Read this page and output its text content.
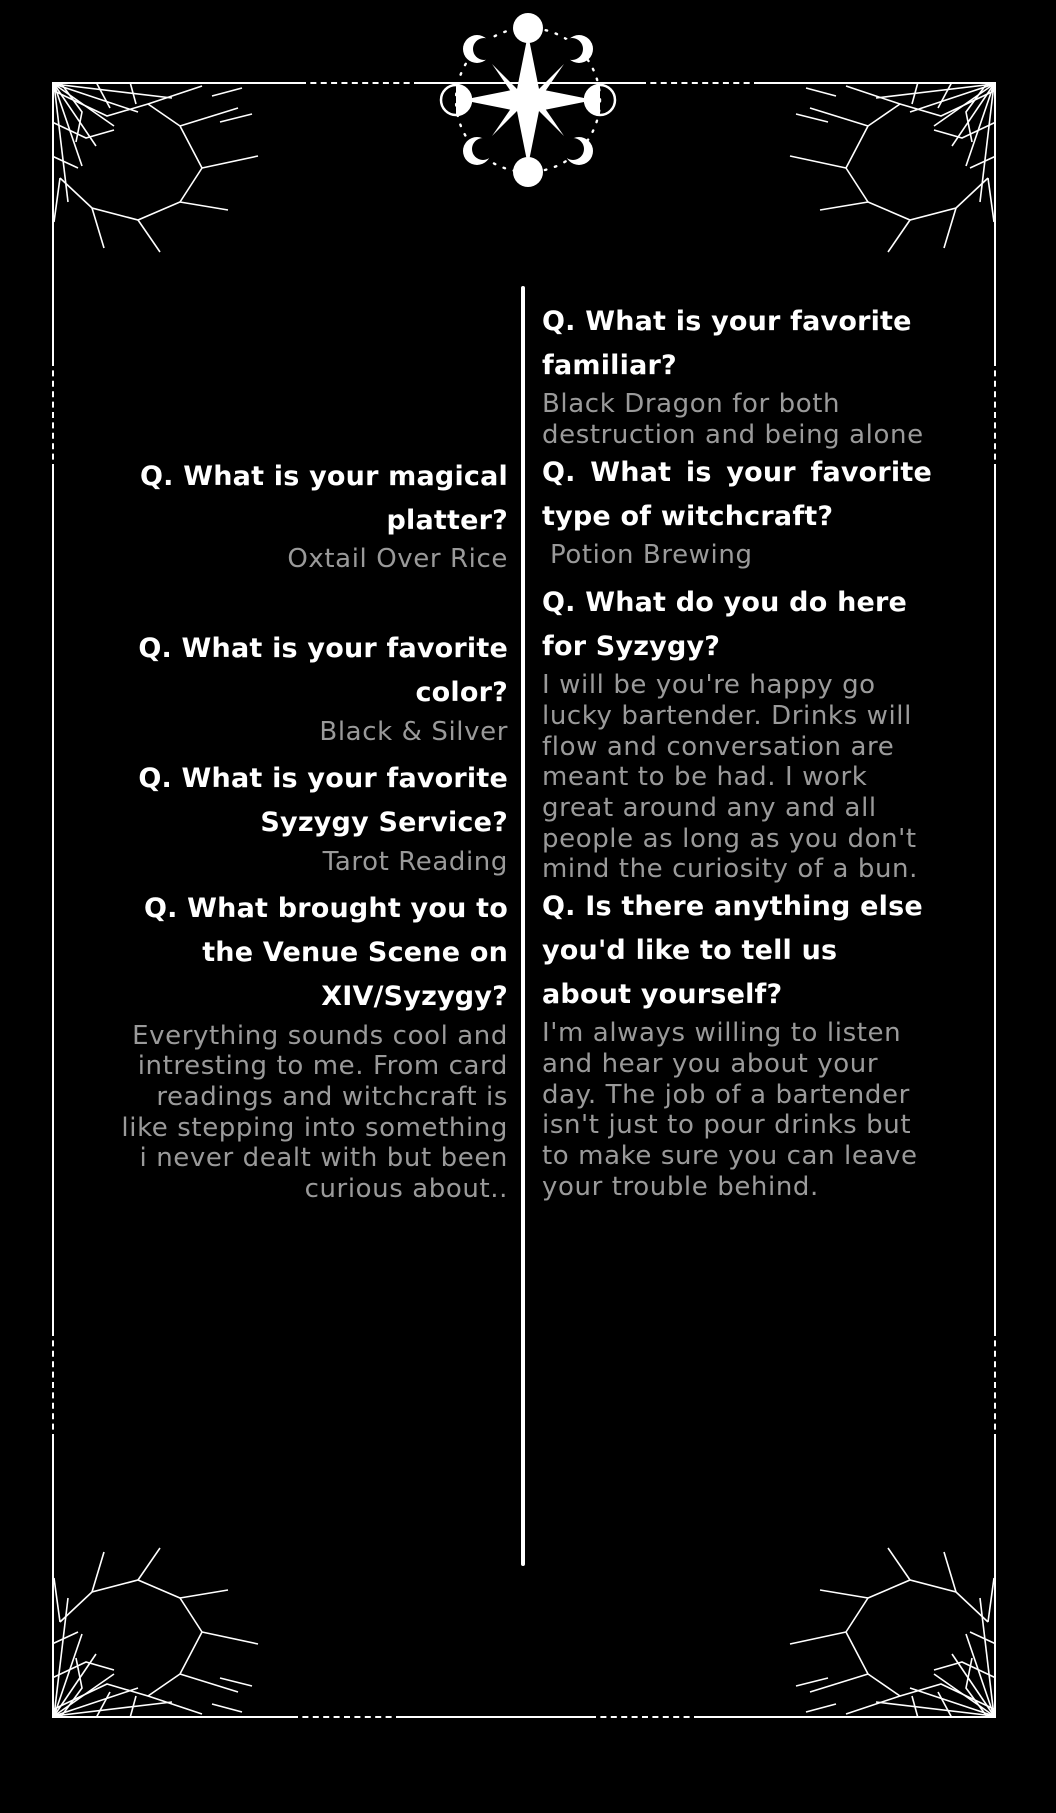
Q. What is your magical platter?

Oxtail Over Rice

Q. What is your favorite color?

Black & Silver

Q. What is your favorite Syzygy Service?

Tarot Reading

Q. What brought you to the Venue Scene on XIV/Syzygy?

Everything sounds cool and intresting to me. From card readings and witchcraft is like stepping into something i never dealt with but been curious about..

Q. What is your favorite familiar?

Black Dragon for both destruction and being alone

Q. What is your favorite type of witchcraft?

Potion Brewing

Q. What do you do here for Syzygy?

I will be you're happy go lucky bartender. Drinks will flow and conversation are meant to be had. I work great around any and all people as long as you don't mind the curiosity of a bun.

Q. Is there anything else you'd like to tell us about yourself?

I'm always willing to listen and hear you about your day. The job of a bartender isn't just to pour drinks but to make sure you can leave your trouble behind.
